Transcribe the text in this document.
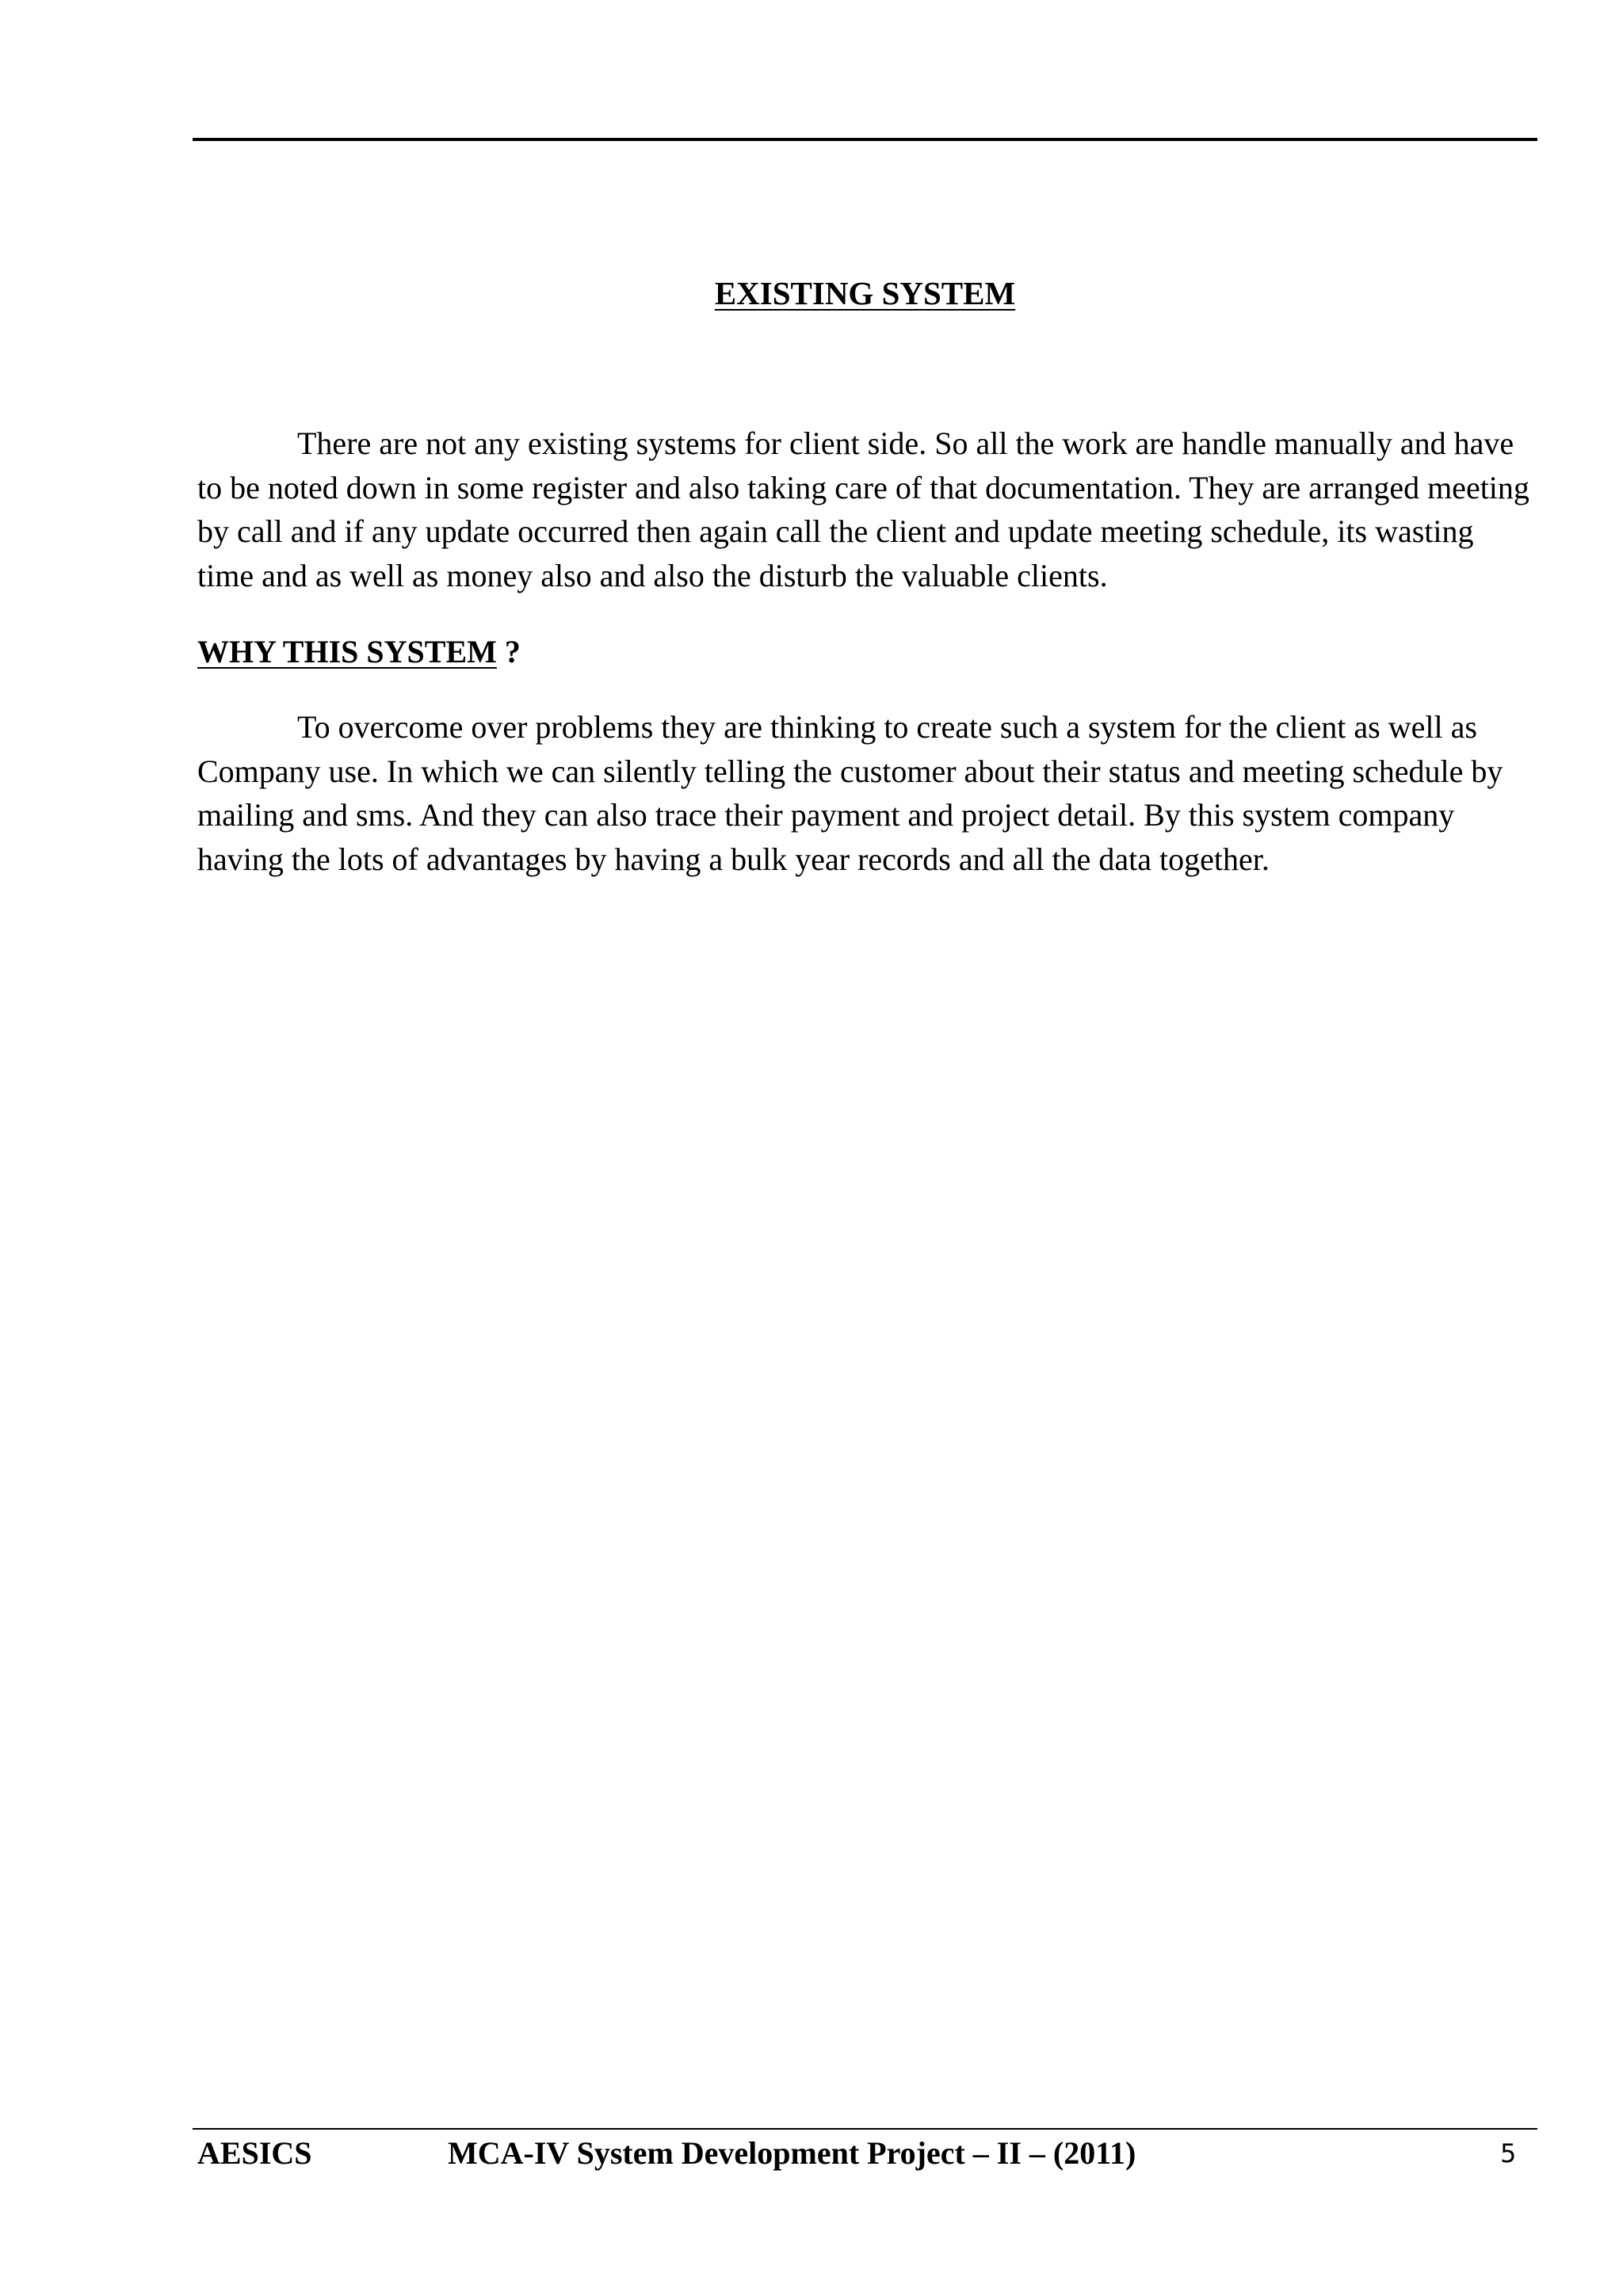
EXISTING SYSTEM

There are not any existing systems for client side. So all the work are handle manually and have to be noted down in some register and also taking care of that documentation. They are arranged meeting by call and if any update occurred then again call the client and update meeting schedule, its wasting time and as well as money also and also the disturb the valuable clients.

WHY THIS SYSTEM ?

To overcome over problems they are thinking to create such a system for the client as well as Company use. In which we can silently telling the customer about their status and meeting schedule by mailing and sms. And they can also trace their payment and project detail. By this system company having the lots of advantages by having a bulk year records and all the data together.

AESICS	MCA-IV System Development Project – II – (2011)	5
